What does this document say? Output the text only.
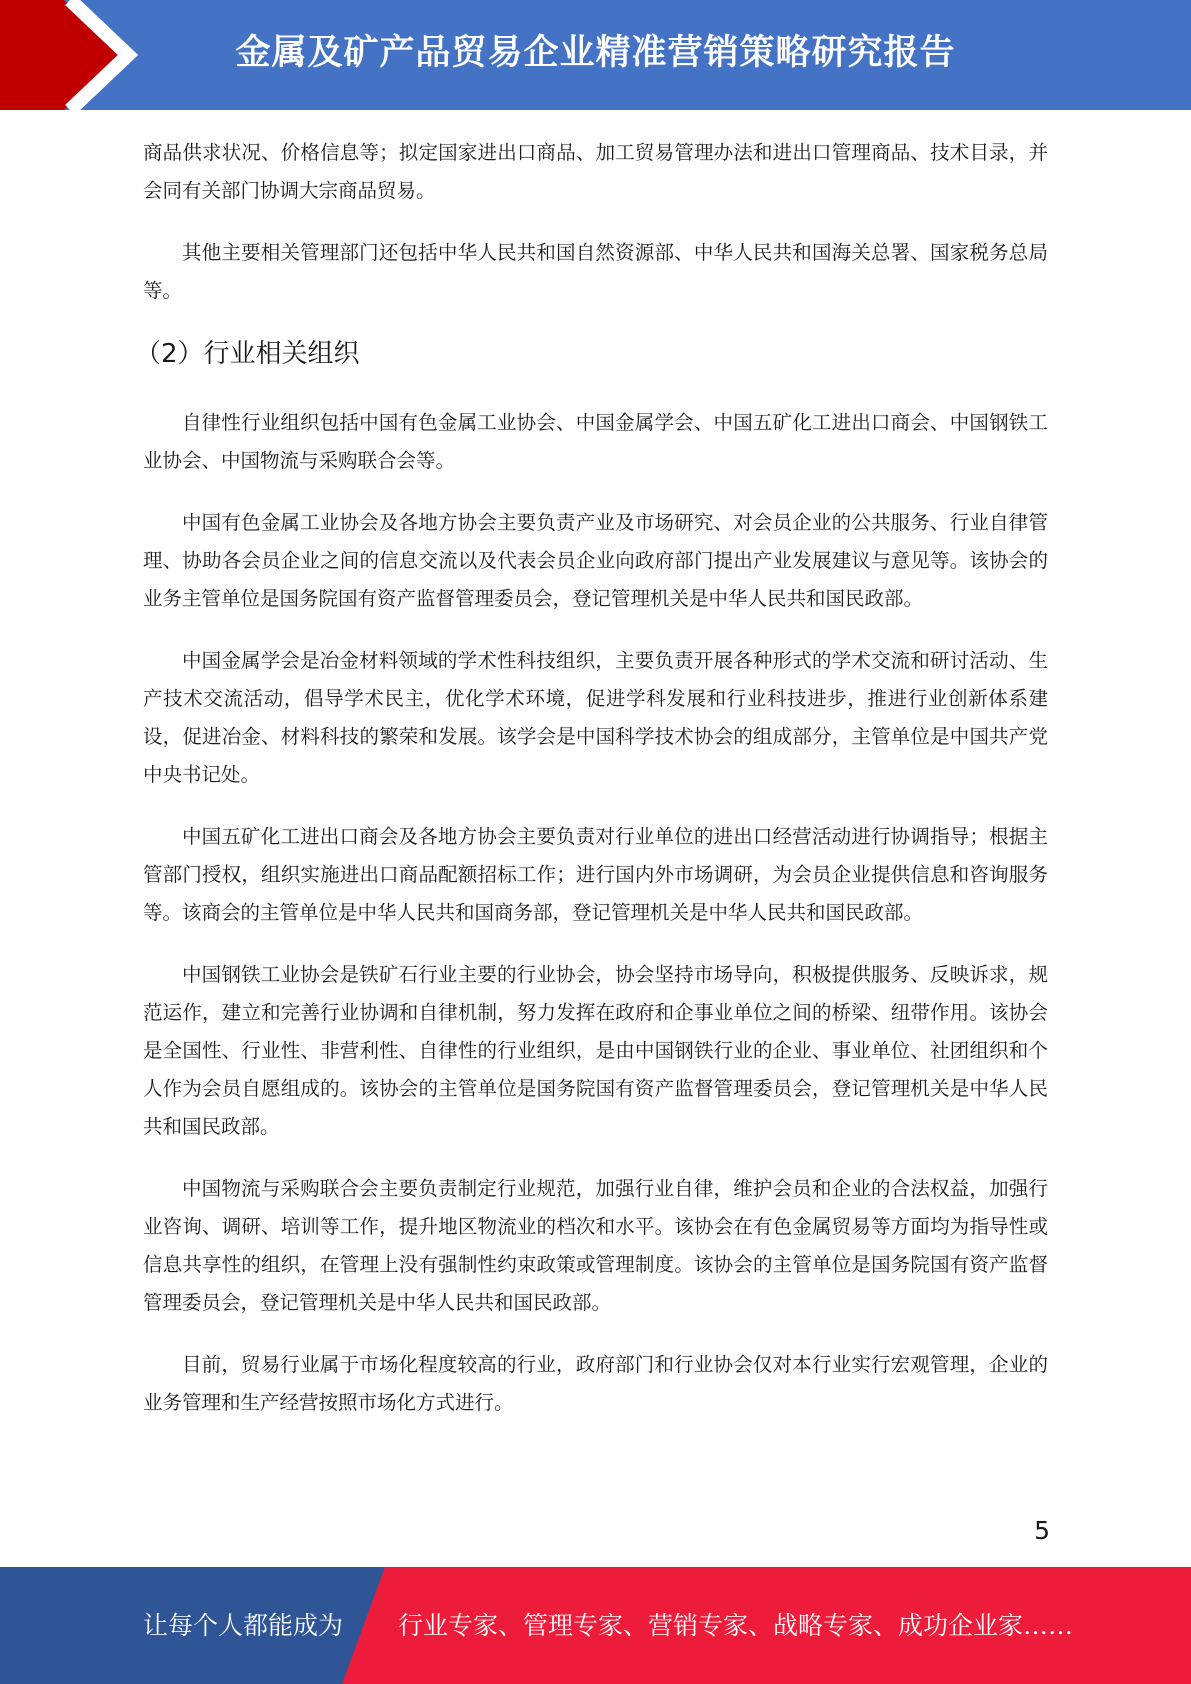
金属及矿产品贸易企业精准营销策略研究报告

商品供求状况、价格信息等；拟定国家进出口商品、加工贸易管理办法和进出口管理商品、技术目录，并会同有关部门协调大宗商品贸易。

其他主要相关管理部门还包括中华人民共和国自然资源部、中华人民共和国海关总署、国家税务总局等。

（2）行业相关组织

自律性行业组织包括中国有色金属工业协会、中国金属学会、中国五矿化工进出口商会、中国钢铁工业协会、中国物流与采购联合会等。

中国有色金属工业协会及各地方协会主要负责产业及市场研究、对会员企业的公共服务、行业自律管理、协助各会员企业之间的信息交流以及代表会员企业向政府部门提出产业发展建议与意见等。该协会的业务主管单位是国务院国有资产监督管理委员会，登记管理机关是中华人民共和国民政部。

中国金属学会是冶金材料领域的学术性科技组织，主要负责开展各种形式的学术交流和研讨活动、生产技术交流活动，倡导学术民主，优化学术环境，促进学科发展和行业科技进步，推进行业创新体系建设，促进冶金、材料科技的繁荣和发展。该学会是中国科学技术协会的组成部分，主管单位是中国共产党中央书记处。

中国五矿化工进出口商会及各地方协会主要负责对行业单位的进出口经营活动进行协调指导；根据主管部门授权，组织实施进出口商品配额招标工作；进行国内外市场调研，为会员企业提供信息和咨询服务等。该商会的主管单位是中华人民共和国商务部，登记管理机关是中华人民共和国民政部。

中国钢铁工业协会是铁矿石行业主要的行业协会，协会坚持市场导向，积极提供服务、反映诉求，规范运作，建立和完善行业协调和自律机制，努力发挥在政府和企事业单位之间的桥梁、纽带作用。该协会是全国性、行业性、非营利性、自律性的行业组织，是由中国钢铁行业的企业、事业单位、社团组织和个人作为会员自愿组成的。该协会的主管单位是国务院国有资产监督管理委员会，登记管理机关是中华人民共和国民政部。

中国物流与采购联合会主要负责制定行业规范，加强行业自律，维护会员和企业的合法权益，加强行业咨询、调研、培训等工作，提升地区物流业的档次和水平。该协会在有色金属贸易等方面均为指导性或信息共享性的组织，在管理上没有强制性约束政策或管理制度。该协会的主管单位是国务院国有资产监督管理委员会，登记管理机关是中华人民共和国民政部。

目前，贸易行业属于市场化程度较高的行业，政府部门和行业协会仅对本行业实行宏观管理，企业的业务管理和生产经营按照市场化方式进行。

5
让每个人都能成为 行业专家、管理专家、营销专家、战略专家、成功企业家……
